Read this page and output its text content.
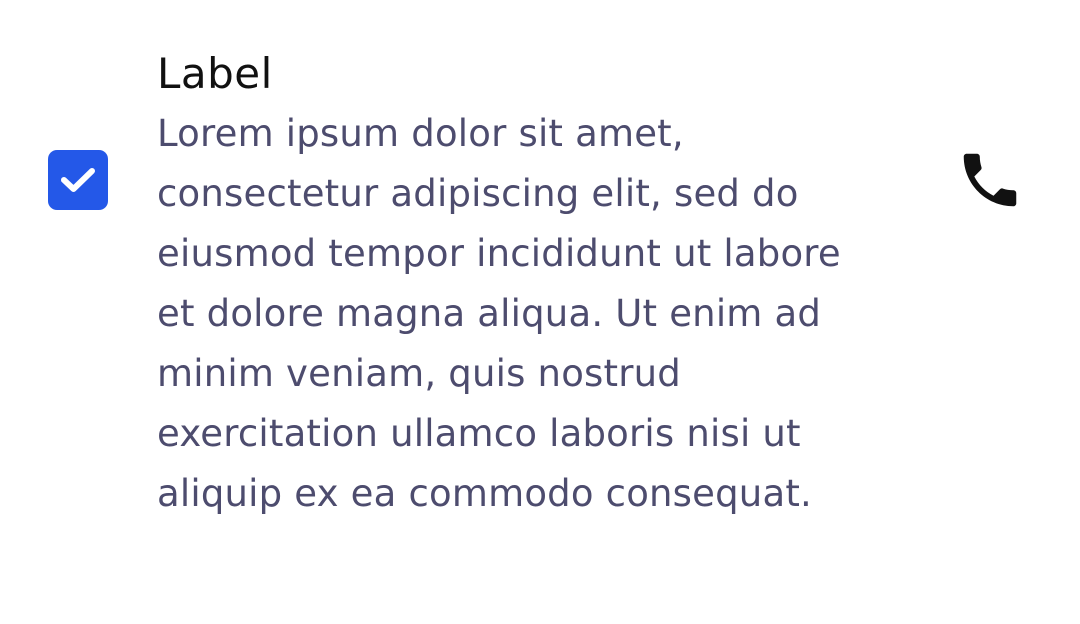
Label

Lorem ipsum dolor sit amet, consectetur adipiscing elit, sed do eiusmod tempor incididunt ut labore et dolore magna aliqua. Ut enim ad minim veniam, quis nostrud exercitation ullamco laboris nisi ut aliquip ex ea commodo consequat.
